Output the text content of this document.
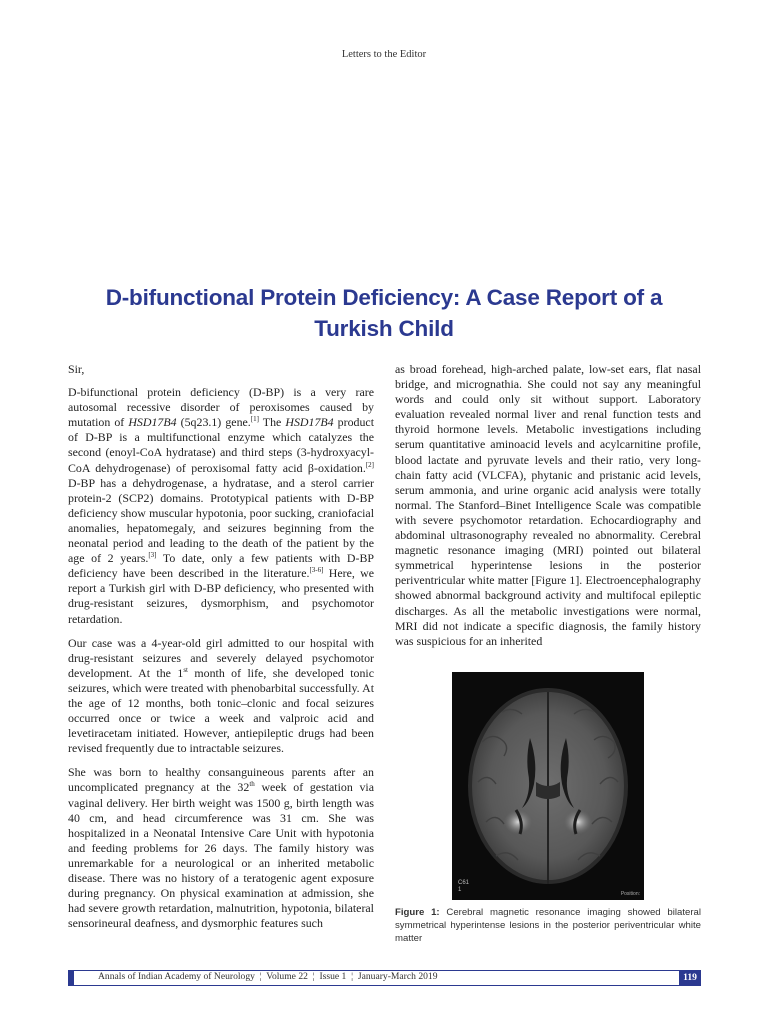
Letters to the Editor
D-bifunctional Protein Deficiency: A Case Report of a Turkish Child

Sir,

D-bifunctional protein deficiency (D-BP) is a very rare autosomal recessive disorder of peroxisomes caused by mutation of HSD17B4 (5q23.1) gene.[1] The HSD17B4 product of D-BP is a multifunctional enzyme which catalyzes the second (enoyl-CoA hydratase) and third steps (3-hydroxyacyl-CoA dehydrogenase) of peroxisomal fatty acid β-oxidation.[2] D-BP has a dehydrogenase, a hydratase, and a sterol carrier protein-2 (SCP2) domains. Prototypical patients with D-BP deficiency show muscular hypotonia, poor sucking, craniofacial anomalies, hepatomegaly, and seizures beginning from the neonatal period and leading to the death of the patient by the age of 2 years.[3] To date, only a few patients with D-BP deficiency have been described in the literature.[3-6] Here, we report a Turkish girl with D-BP deficiency, who presented with drug-resistant seizures, dysmorphism, and psychomotor retardation.

Our case was a 4-year-old girl admitted to our hospital with drug-resistant seizures and severely delayed psychomotor development. At the 1st month of life, she developed tonic seizures, which were treated with phenobarbital successfully. At the age of 12 months, both tonic–clonic and focal seizures occurred once or twice a week and valproic acid and levetiracetam initiated. However, antiepileptic drugs had been revised frequently due to intractable seizures.

She was born to healthy consanguineous parents after an uncomplicated pregnancy at the 32th week of gestation via vaginal delivery. Her birth weight was 1500 g, birth length was 40 cm, and head circumference was 31 cm. She was hospitalized in a Neonatal Intensive Care Unit with hypotonia and feeding problems for 26 days. The family history was unremarkable for a neurological or an inherited metabolic disease. There was no history of a teratogenic agent exposure during pregnancy. On physical examination at admission, she had severe growth retardation, malnutrition, hypotonia, bilateral sensorineural deafness, and dysmorphic features such

as broad forehead, high-arched palate, low-set ears, flat nasal bridge, and micrognathia. She could not say any meaningful words and could only sit without support. Laboratory evaluation revealed normal liver and renal function tests and thyroid hormone levels. Metabolic investigations including serum quantitative aminoacid levels and acylcarnitine profile, blood lactate and pyruvate levels and their ratio, very long-chain fatty acid (VLCFA), phytanic and pristanic acid levels, serum ammonia, and urine organic acid analysis were totally normal. The Stanford–Binet Intelligence Scale was compatible with severe psychomotor retardation. Echocardiography and abdominal ultrasonography revealed no abnormality. Cerebral magnetic resonance imaging (MRI) pointed out bilateral symmetrical hyperintense lesions in the posterior periventricular white matter [Figure 1]. Electroencephalography showed abnormal background activity and multifocal epileptic discharges. As all the metabolic investigations were normal, MRI did not indicate a specific diagnosis, the family history was suspicious for an inherited

C61
1
Position:
Figure 1: Cerebral magnetic resonance imaging showed bilateral symmetrical hyperintense lesions in the posterior periventricular white matter
Annals of Indian Academy of Neurology  ¦  Volume 22  ¦  Issue 1  ¦  January-March 2019	119
